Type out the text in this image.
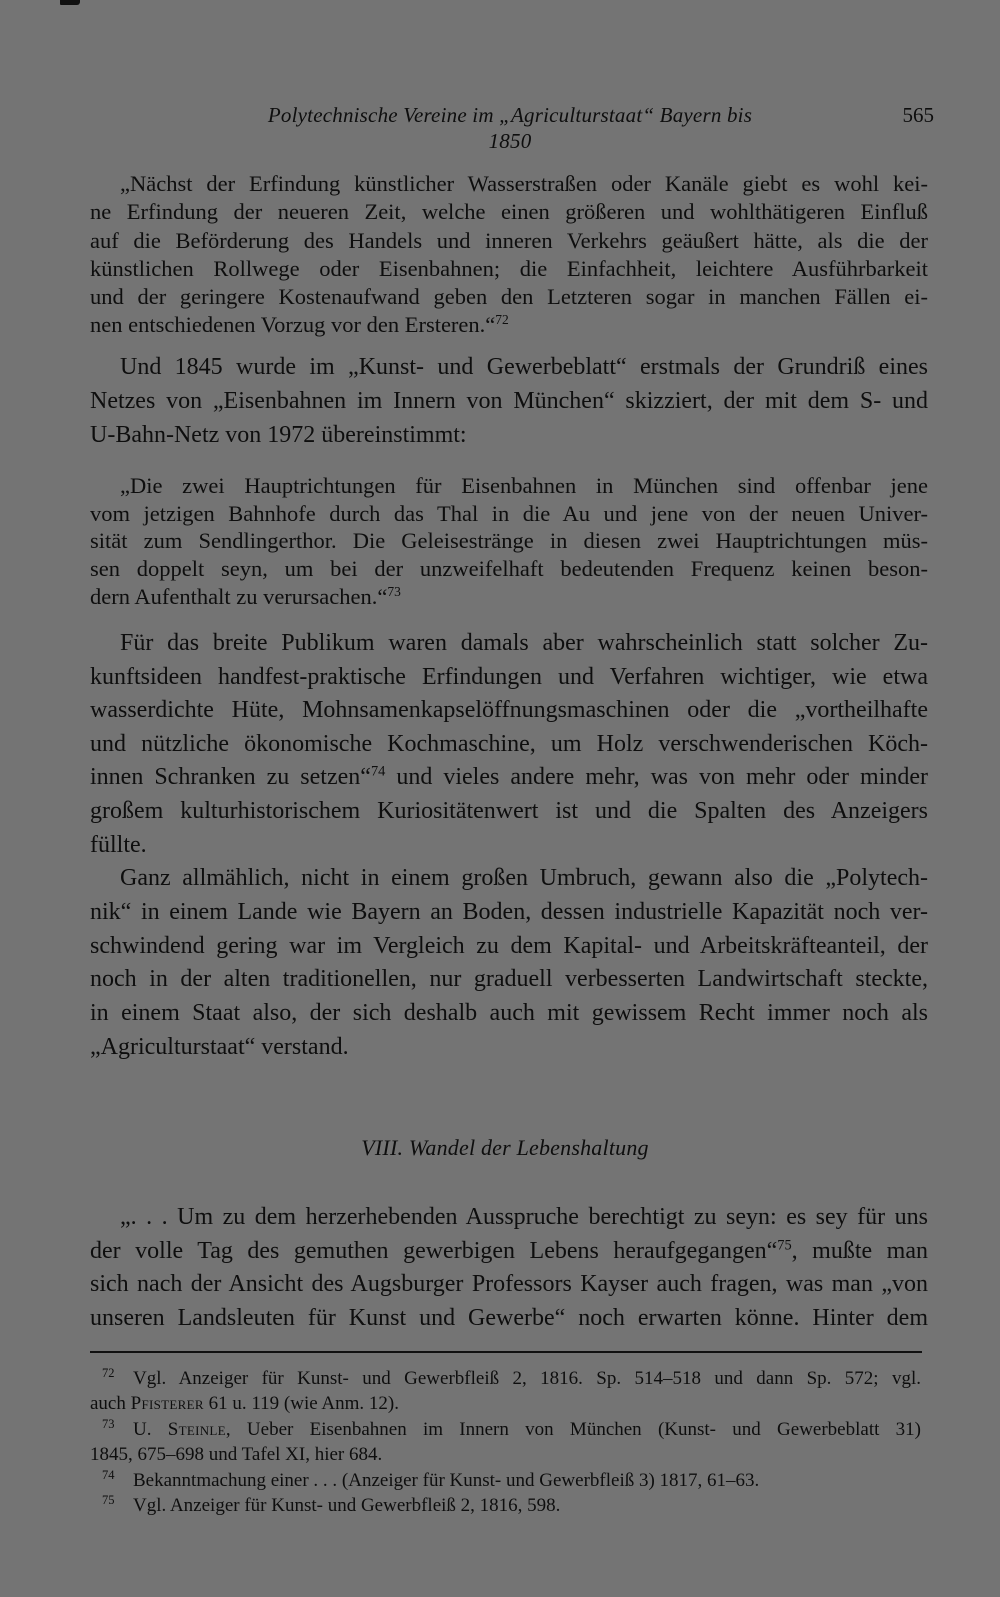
Polytechnische Vereine im „Agriculturstaat“ Bayern bis 1850
565
„Nächst der Erfindung künstlicher Wasserstraßen oder Kanäle giebt es wohl kei-
ne Erfindung der neueren Zeit, welche einen größeren und wohlthätigeren Einfluß
auf die Beförderung des Handels und inneren Verkehrs geäußert hätte, als die der
künstlichen Rollwege oder Eisenbahnen; die Einfachheit, leichtere Ausführbarkeit
und der geringere Kostenaufwand geben den Letzteren sogar in manchen Fällen ei-
nen entschiedenen Vorzug vor den Ersteren.“$^{72}$
Und 1845 wurde im „Kunst- und Gewerbeblatt“ erstmals der Grundriß eines
Netzes von „Eisenbahnen im Innern von München“ skizziert, der mit dem S- und
U-Bahn-Netz von 1972 übereinstimmt:
„Die zwei Hauptrichtungen für Eisenbahnen in München sind offenbar jene
vom jetzigen Bahnhofe durch das Thal in die Au und jene von der neuen Univer-
sität zum Sendlingerthor. Die Geleisestränge in diesen zwei Hauptrichtungen müs-
sen doppelt seyn, um bei der unzweifelhaft bedeutenden Frequenz keinen beson-
dern Aufenthalt zu verursachen.“$^{73}$
Für das breite Publikum waren damals aber wahrscheinlich statt solcher Zu-
kunftsideen handfest-praktische Erfindungen und Verfahren wichtiger, wie etwa
wasserdichte Hüte, Mohnsamenkapselöffnungsmaschinen oder die „vortheilhafte
und nützliche ökonomische Kochmaschine, um Holz verschwenderischen Köch-
innen Schranken zu setzen“$^{74}$ und vieles andere mehr, was von mehr oder minder
großem kulturhistorischem Kuriositätenwert ist und die Spalten des Anzeigers
füllte.
Ganz allmählich, nicht in einem großen Umbruch, gewann also die „Polytech-
nik“ in einem Lande wie Bayern an Boden, dessen industrielle Kapazität noch ver-
schwindend gering war im Vergleich zu dem Kapital- und Arbeitskräfteanteil, der
noch in der alten traditionellen, nur graduell verbesserten Landwirtschaft steckte,
in einem Staat also, der sich deshalb auch mit gewissem Recht immer noch als
„Agriculturstaat“ verstand.
VIII. Wandel der Lebenshaltung
„. . . Um zu dem herzerhebenden Ausspruche berechtigt zu seyn: es sey für uns
der volle Tag des gemuthen gewerbigen Lebens heraufgegangen“$^{75}$, mußte man
sich nach der Ansicht des Augsburger Professors Kayser auch fragen, was man „von
unseren Landsleuten für Kunst und Gewerbe“ noch erwarten könne. Hinter dem
72 Vgl. Anzeiger für Kunst- und Gewerbfleiß 2, 1816. Sp. 514–518 und dann Sp. 572; vgl.
auch Pfisterer 61 u. 119 (wie Anm. 12).
73 U. Steinle, Ueber Eisenbahnen im Innern von München (Kunst- und Gewerbeblatt 31)
1845, 675–698 und Tafel XI, hier 684.
74 Bekanntmachung einer . . . (Anzeiger für Kunst- und Gewerbfleiß 3) 1817, 61–63.
75 Vgl. Anzeiger für Kunst- und Gewerbfleiß 2, 1816, 598.
